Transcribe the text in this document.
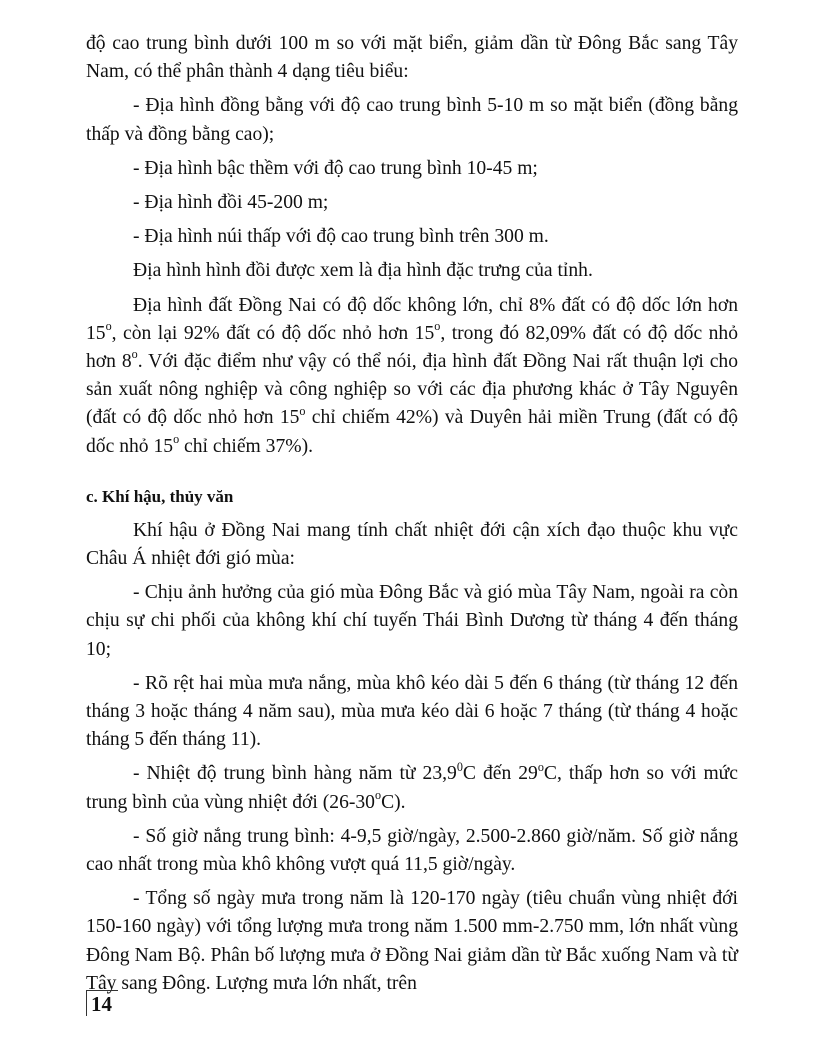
độ cao trung bình dưới 100 m so với mặt biển, giảm dần từ Đông Bắc sang Tây Nam, có thể phân thành 4 dạng tiêu biểu:

- Địa hình đồng bằng với độ cao trung bình 5-10 m so mặt biển (đồng bằng thấp và đồng bằng cao);

- Địa hình bậc thềm với độ cao trung bình 10-45 m;

- Địa hình đồi 45-200 m;

- Địa hình núi thấp với độ cao trung bình trên 300 m.

Địa hình hình đồi được xem là địa hình đặc trưng của tỉnh.

Địa hình đất Đồng Nai có độ dốc không lớn, chỉ 8% đất có độ dốc lớn hơn 15$^o$, còn lại 92% đất có độ dốc nhỏ hơn 15$^o$, trong đó 82,09% đất có độ dốc nhỏ hơn 8$^o$. Với đặc điểm như vậy có thể nói, địa hình đất Đồng Nai rất thuận lợi cho sản xuất nông nghiệp và công nghiệp so với các địa phương khác ở Tây Nguyên (đất có độ dốc nhỏ hơn 15$^o$ chỉ chiếm 42%) và Duyên hải miền Trung (đất có độ dốc nhỏ 15$^o$ chỉ chiếm 37%).

c. Khí hậu, thủy văn

Khí hậu ở Đồng Nai mang tính chất nhiệt đới cận xích đạo thuộc khu vực Châu Á nhiệt đới gió mùa:

- Chịu ảnh hưởng của gió mùa Đông Bắc và gió mùa Tây Nam, ngoài ra còn chịu sự chi phối của không khí chí tuyến Thái Bình Dương từ tháng 4 đến tháng 10;

- Rõ rệt hai mùa mưa nắng, mùa khô kéo dài 5 đến 6 tháng (từ tháng 12 đến tháng 3 hoặc tháng 4 năm sau), mùa mưa kéo dài 6 hoặc 7 tháng (từ tháng 4 hoặc tháng 5 đến tháng 11).

- Nhiệt độ trung bình hàng năm từ 23,9$^0$C đến 29$^o$C, thấp hơn so với mức trung bình của vùng nhiệt đới (26-30$^o$C).

- Số giờ nắng trung bình: 4-9,5 giờ/ngày, 2.500-2.860 giờ/năm. Số giờ nắng cao nhất trong mùa khô không vượt quá 11,5 giờ/ngày.

- Tổng số ngày mưa trong năm là 120-170 ngày (tiêu chuẩn vùng nhiệt đới 150-160 ngày) với tổng lượng mưa trong năm 1.500 mm-2.750 mm, lớn nhất vùng Đông Nam Bộ. Phân bố lượng mưa ở Đồng Nai giảm dần từ Bắc xuống Nam và từ Tây sang Đông. Lượng mưa lớn nhất, trên

14
